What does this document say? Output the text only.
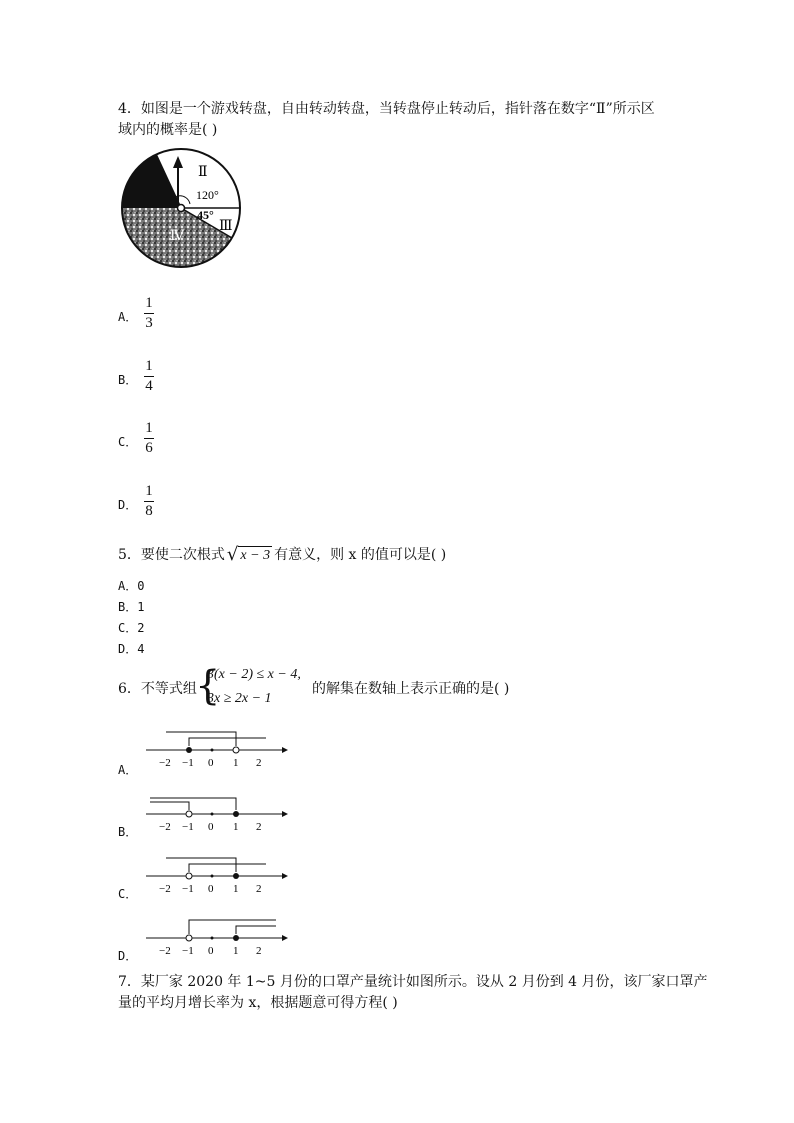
4．如图是一个游戏转盘，自由转动转盘，当转盘停止转动后，指针落在数字“Ⅱ”所示区
域内的概率是( )
Ⅱ
120°
45°
Ⅲ
Ⅳ
A．
1
3
B．
1
4
C．
1
6
D．
1
8
5．要使二次根式 √ x − 3 有意义，则 x 的值可以是( )
A．0
B．1
C．2
D．4
6．不等式组
{
3(x − 2) ≤ x − 4,
3x ≥ 2x − 1
的解集在数轴上表示正确的是( )
A． −2 −1 0 1 2
B． −2 −1 0 1 2
C． −2 −1 0 1 2
D． −2 −1 0 1 2
7．某厂家 2020 年 1~5 月份的口罩产量统计如图所示。设从 2 月份到 4 月份，该厂家口罩产
量的平均月增长率为 x，根据题意可得方程( )
